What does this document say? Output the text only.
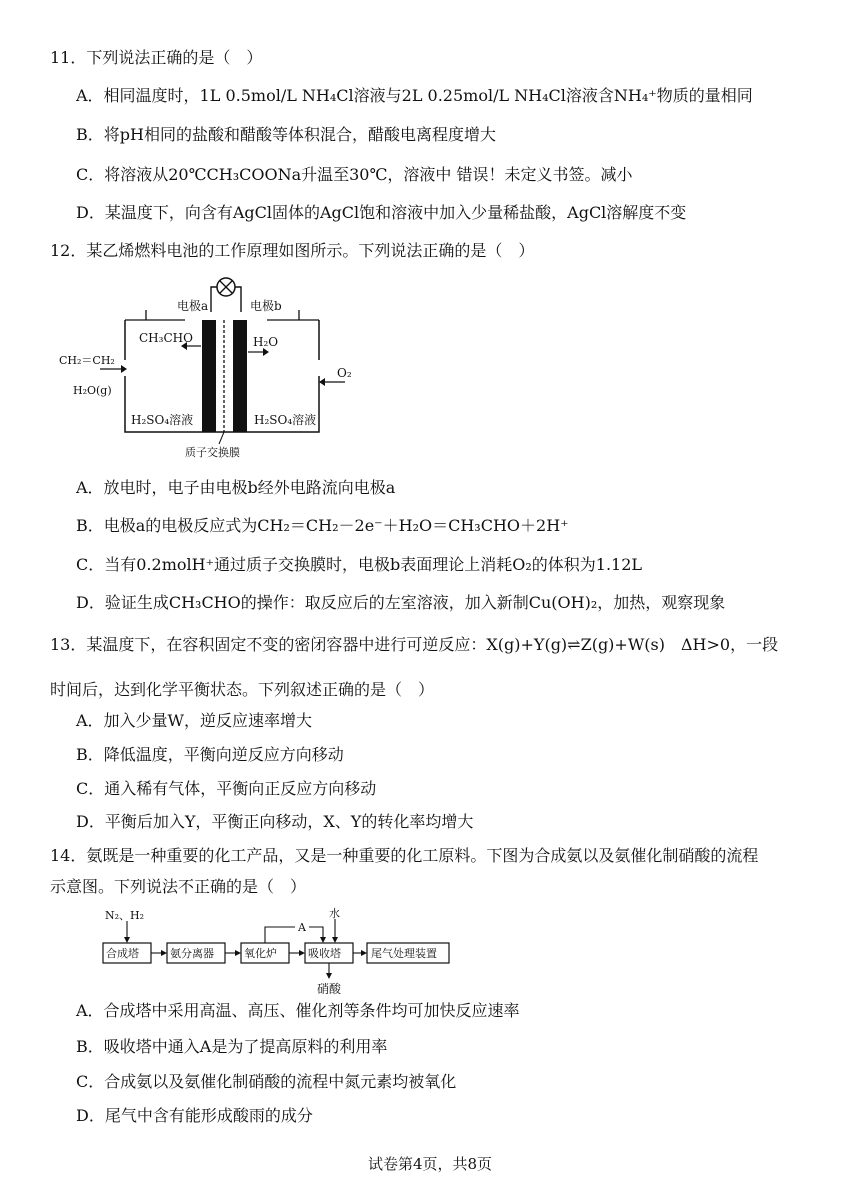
11．下列说法正确的是（　）
A．相同温度时，1L 0.5mol/L NH₄Cl溶液与2L 0.25mol/L NH₄Cl溶液含NH₄⁺物质的量相同
B．将pH相同的盐酸和醋酸等体积混合，醋酸电离程度增大
C．将溶液从20℃CH₃COONa升温至30℃，溶液中 错误！未定义书签。减小
D．某温度下，向含有AgCl固体的AgCl饱和溶液中加入少量稀盐酸，AgCl溶解度不变
12．某乙烯燃料电池的工作原理如图所示。下列说法正确的是（　）
电极a	电极b
CH₃CHO	H₂O
CH₂＝CH₂
H₂O(g)
O₂
H₂SO₄溶液	H₂SO₄溶液
质子交换膜
A．放电时，电子由电极b经外电路流向电极a
B．电极a的电极反应式为CH₂＝CH₂－2e⁻＋H₂O＝CH₃CHO＋2H⁺
C．当有0.2molH⁺通过质子交换膜时，电极b表面理论上消耗O₂的体积为1.12L
D．验证生成CH₃CHO的操作：取反应后的左室溶液，加入新制Cu(OH)₂，加热，观察现象
13．某温度下，在容积固定不变的密闭容器中进行可逆反应：X(g)+Y(g)⇌Z(g)+W(s)　ΔH>0，一段
时间后，达到化学平衡状态。下列叙述正确的是（　）
A．加入少量W，逆反应速率增大
B．降低温度，平衡向逆反应方向移动
C．通入稀有气体，平衡向正反应方向移动
D．平衡后加入Y，平衡正向移动，X、Y的转化率均增大
14．氨既是一种重要的化工产品，又是一种重要的化工原料。下图为合成氨以及氨催化制硝酸的流程
示意图。下列说法不正确的是（　）
N₂、H₂	水
A
合成塔	氨分离器	氧化炉	吸收塔	尾气处理装置
硝酸
A．合成塔中采用高温、高压、催化剂等条件均可加快反应速率
B．吸收塔中通入A是为了提高原料的利用率
C．合成氨以及氨催化制硝酸的流程中氮元素均被氧化
D．尾气中含有能形成酸雨的成分
试卷第4页，共8页
